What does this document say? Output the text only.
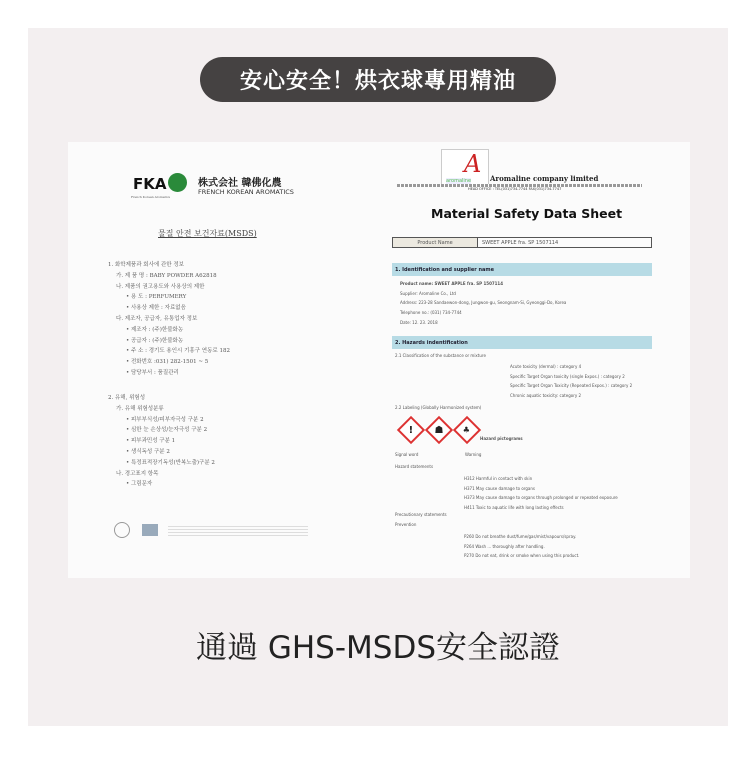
安心安全！烘衣球專用精油
FKA
French Korean Aromatics
株式会社 韓佛化農
FRENCH KOREAN AROMATICS
물질 안전 보건자료(MSDS)
1. 화학제품과 회사에 관한 정보
가. 제 품 명 : BABY POWDER A62818
나. 제품의 권고용도와 사용상의 제한
• 용 도 : PERFUMERY
• 사용상 제한 : 자료없음
다. 제조자, 공급자, 유통업자 정보
• 제조자 : (주)한불화농
• 공급자 : (주)한불화농
• 주 소 : 경기도 용인시 기흥구 연동로 182
• 전화번호 :031) 282-1501 ~ 5
• 담당부서 : 품질관리
2. 유해, 위험성
가. 유해 위험성분류
• 피부부식성/피부자극성 구분 2
• 심한 눈 손상성/눈자극성 구분 2
• 피부과민성 구분 1
• 생식독성 구분 2
• 특정표적장기독성(반복노출)구분 2
나. 경고표지 항목
• 그림문자
A
aromaline	Aromaline company limited
HEAD OFFICE : TEL(031)734-7744 FAX(031)734-7747
Material Safety Data Sheet
Product Name	SWEET APPLE fra. SP 1507114
1. Identification and supplier name
Product name: SWEET APPLE fra. SP 1507114
Supplier: Aromaline Co., Ltd
Address: 223-28 Sandaewon-dong, Jungwon-gu, Seongnam-Si, Gyeonggi-Do, Korea
Telephone no.: (031) 734-7744
Date: 12. 23. 2018
2. Hazards indentification
2.1 Classification of the substance or mixture
Acute toxicity (dermal) : category 4
Specific Target Organ toxicity (single Expos.) : category 2
Specific Target Organ Toxicity (Repeated Expos.) : category 2
Chronic aquatic toxicity: category 2
2.2 Labeling (Globally Harmonized system)
! ☗ ♣
Hazard pictograms
Signal word	Warning
Hazard statements
H312 Harmful in contact with skin
H371 May cause damage to organs
H373 May cause damage to organs through prolonged or repeated exposure
H411 Toxic to aquatic life with long lasting effects
Precautionary statements
Prevention
P260 Do not breathe dust/fume/gas/mist/vapours/spray.
P264 Wash ... thoroughly after handling.
P270 Do not eat, drink or smoke when using this product.
通過 GHS-MSDS安全認證
